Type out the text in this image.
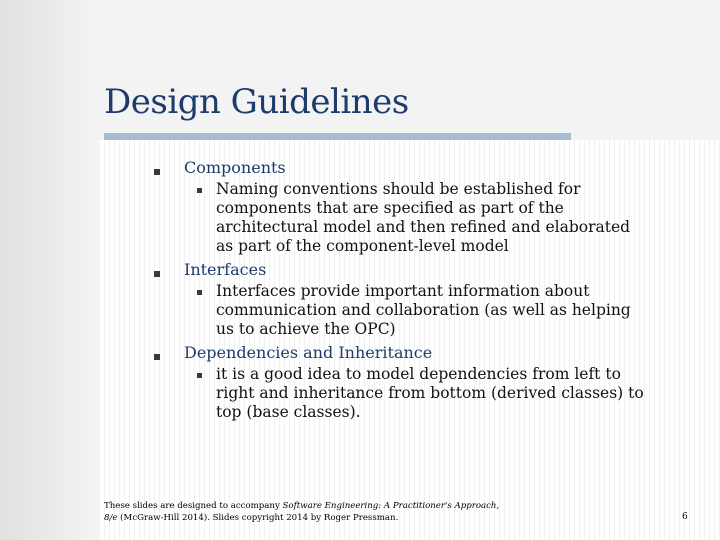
Design Guidelines
Components
Naming conventions should be established for components that are specified as part of the architectural model and then refined and elaborated as part of the component-level model
Interfaces
Interfaces provide important information about communication and collaboration (as well as helping us to achieve the OPC)
Dependencies and Inheritance
it is a good idea to model dependencies from left to right and inheritance from bottom (derived classes) to top (base classes).
These slides are designed to accompany Software Engineering: A Practitioner's Approach,
8/e (McGraw-Hill 2014). Slides copyright 2014 by Roger Pressman.	6
